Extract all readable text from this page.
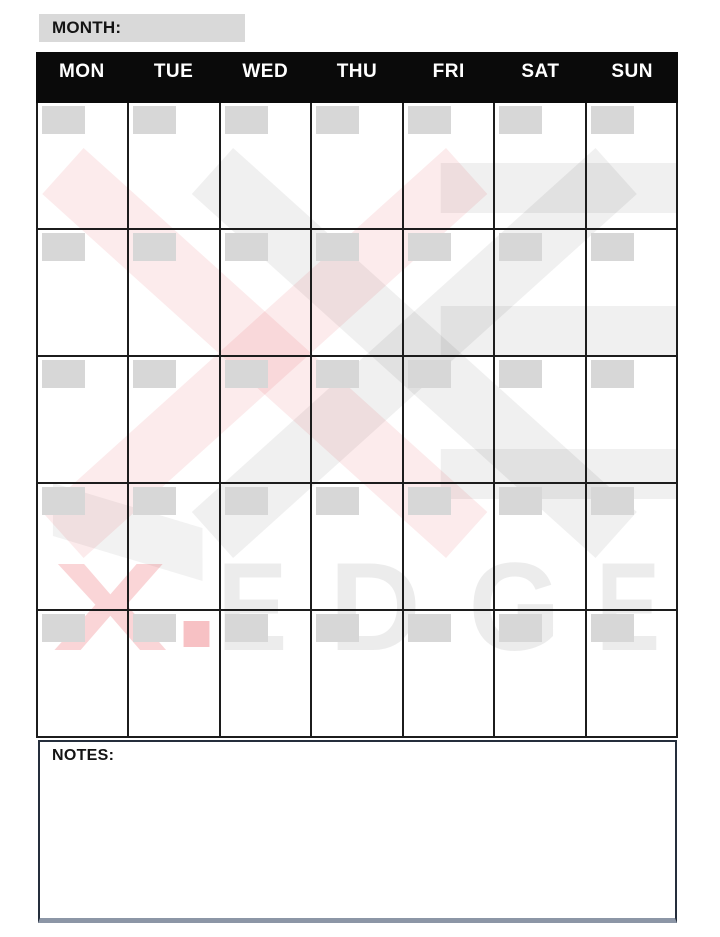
MONTH:
MON	TUE	WED	THU	FRI	SAT	SUN
X E D G E
NOTES:
